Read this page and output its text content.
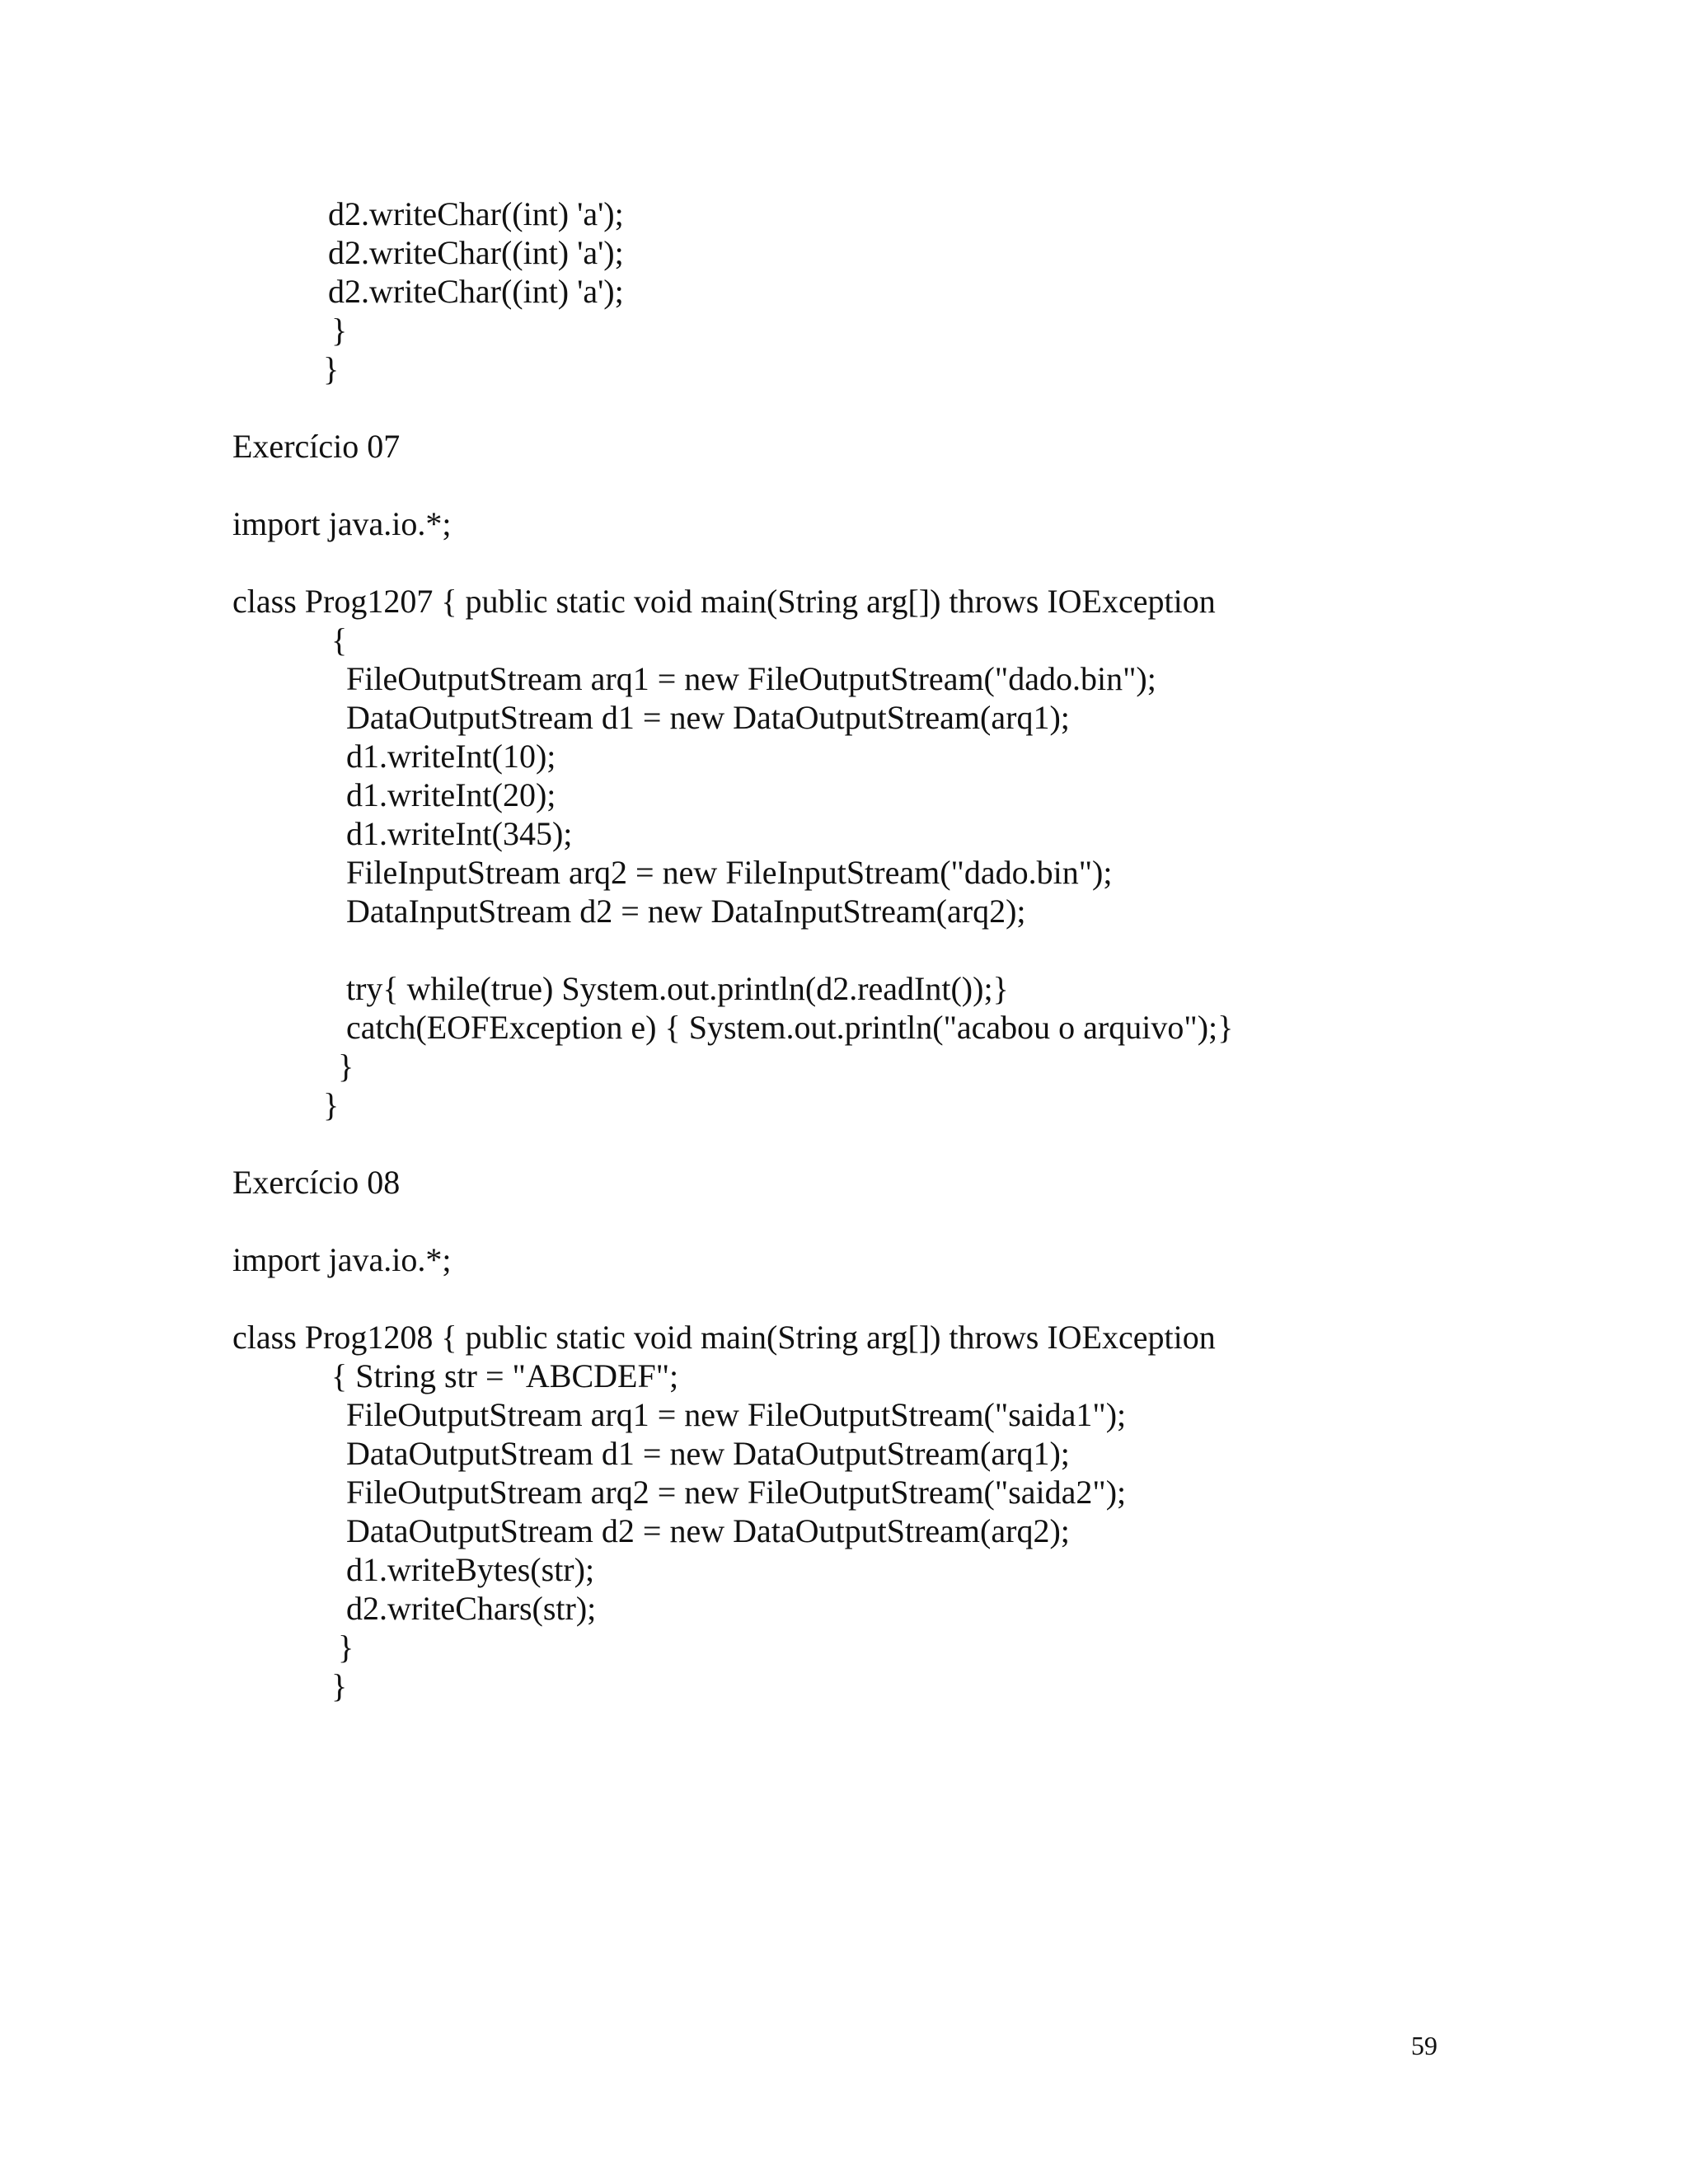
d2.writeChar((int) 'a');
d2.writeChar((int) 'a');
d2.writeChar((int) 'a');
}
}
Exercício 07
import java.io.*;
class Prog1207 { public static void main(String arg[]) throws IOException
{
FileOutputStream arq1 = new FileOutputStream("dado.bin");
DataOutputStream d1 = new DataOutputStream(arq1);
d1.writeInt(10);
d1.writeInt(20);
d1.writeInt(345);
FileInputStream arq2 = new FileInputStream("dado.bin");
DataInputStream d2 = new DataInputStream(arq2);
try{ while(true) System.out.println(d2.readInt());}
catch(EOFException e) { System.out.println("acabou o arquivo");}
}
}
Exercício 08
import java.io.*;
class Prog1208 { public static void main(String arg[]) throws IOException
{ String str = "ABCDEF";
FileOutputStream arq1 = new FileOutputStream("saida1");
DataOutputStream d1 = new DataOutputStream(arq1);
FileOutputStream arq2 = new FileOutputStream("saida2");
DataOutputStream d2 = new DataOutputStream(arq2);
d1.writeBytes(str);
d2.writeChars(str);
}
}
59
